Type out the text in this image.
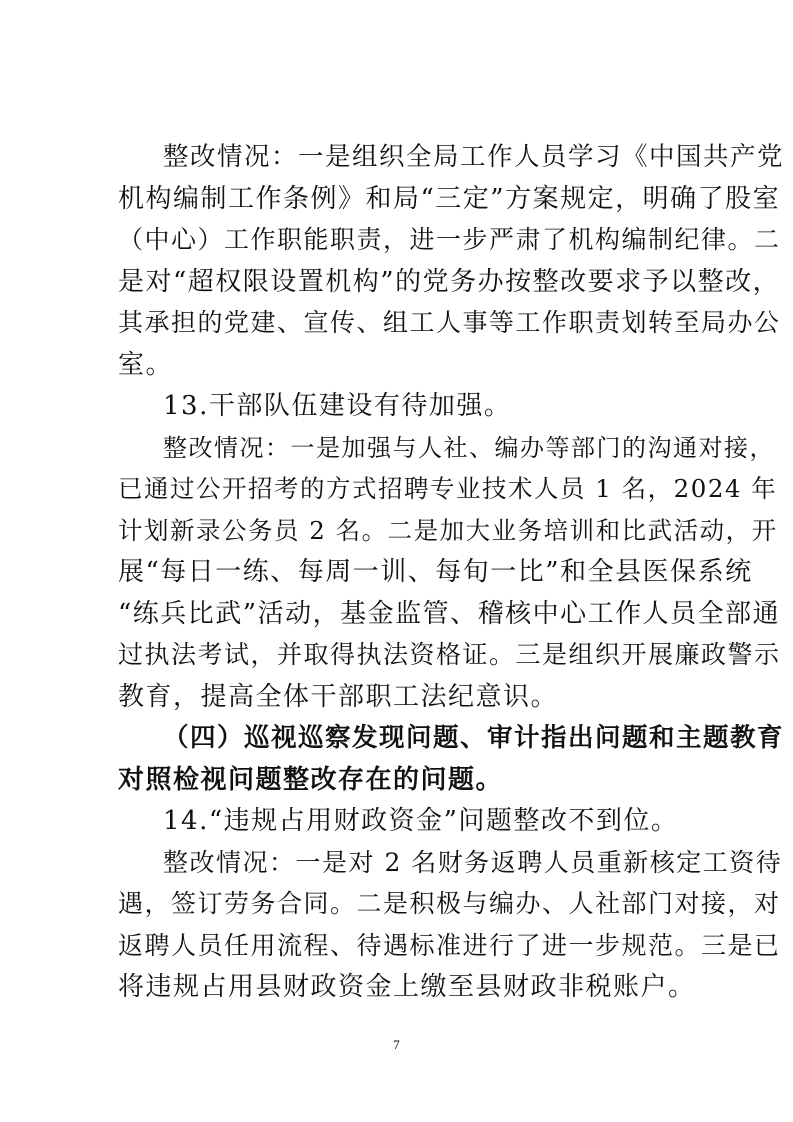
整改情况：一是组织全局工作人员学习《中国共产党
机构编制工作条例》和局“三定”方案规定，明确了股室
（中心）工作职能职责，进一步严肃了机构编制纪律。二
是对“超权限设置机构”的党务办按整改要求予以整改，
其承担的党建、宣传、组工人事等工作职责划转至局办公
室。
13.干部队伍建设有待加强。
整改情况：一是加强与人社、编办等部门的沟通对接，
已通过公开招考的方式招聘专业技术人员 1 名，2024 年
计划新录公务员 2 名。二是加大业务培训和比武活动，开
展“每日一练、每周一训、每旬一比”和全县医保系统
“练兵比武”活动，基金监管、稽核中心工作人员全部通
过执法考试，并取得执法资格证。三是组织开展廉政警示
教育，提高全体干部职工法纪意识。
（四）巡视巡察发现问题、审计指出问题和主题教育
对照检视问题整改存在的问题。
14.“违规占用财政资金”问题整改不到位。
整改情况：一是对 2 名财务返聘人员重新核定工资待
遇，签订劳务合同。二是积极与编办、人社部门对接，对
返聘人员任用流程、待遇标准进行了进一步规范。三是已
将违规占用县财政资金上缴至县财政非税账户。
7
